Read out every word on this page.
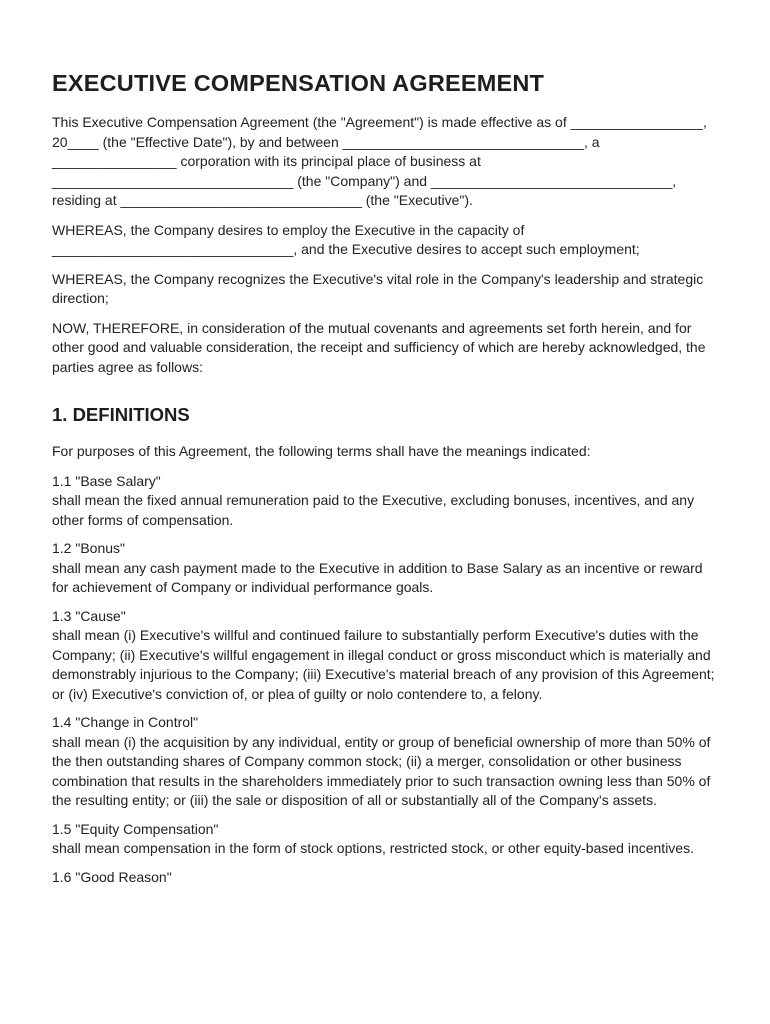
EXECUTIVE COMPENSATION AGREEMENT

This Executive Compensation Agreement (the "Agreement") is made effective as of _________________, 20____ (the "Effective Date"), by and between _______________________________, a ________________ corporation with its principal place of business at _______________________________ (the "Company") and _______________________________, residing at _______________________________ (the "Executive").

WHEREAS, the Company desires to employ the Executive in the capacity of _______________________________, and the Executive desires to accept such employment;

WHEREAS, the Company recognizes the Executive's vital role in the Company's leadership and strategic direction;

NOW, THEREFORE, in consideration of the mutual covenants and agreements set forth herein, and for other good and valuable consideration, the receipt and sufficiency of which are hereby acknowledged, the parties agree as follows:

1. DEFINITIONS

For purposes of this Agreement, the following terms shall have the meanings indicated:

1.1 "Base Salary"
shall mean the fixed annual remuneration paid to the Executive, excluding bonuses, incentives, and any other forms of compensation.
1.2 "Bonus"
shall mean any cash payment made to the Executive in addition to Base Salary as an incentive or reward for achievement of Company or individual performance goals.
1.3 "Cause"
shall mean (i) Executive's willful and continued failure to substantially perform Executive's duties with the Company; (ii) Executive's willful engagement in illegal conduct or gross misconduct which is materially and demonstrably injurious to the Company; (iii) Executive's material breach of any provision of this Agreement; or (iv) Executive's conviction of, or plea of guilty or nolo contendere to, a felony.
1.4 "Change in Control"
shall mean (i) the acquisition by any individual, entity or group of beneficial ownership of more than 50% of the then outstanding shares of Company common stock; (ii) a merger, consolidation or other business combination that results in the shareholders immediately prior to such transaction owning less than 50% of the resulting entity; or (iii) the sale or disposition of all or substantially all of the Company's assets.
1.5 "Equity Compensation"
shall mean compensation in the form of stock options, restricted stock, or other equity-based incentives.
1.6 "Good Reason"
